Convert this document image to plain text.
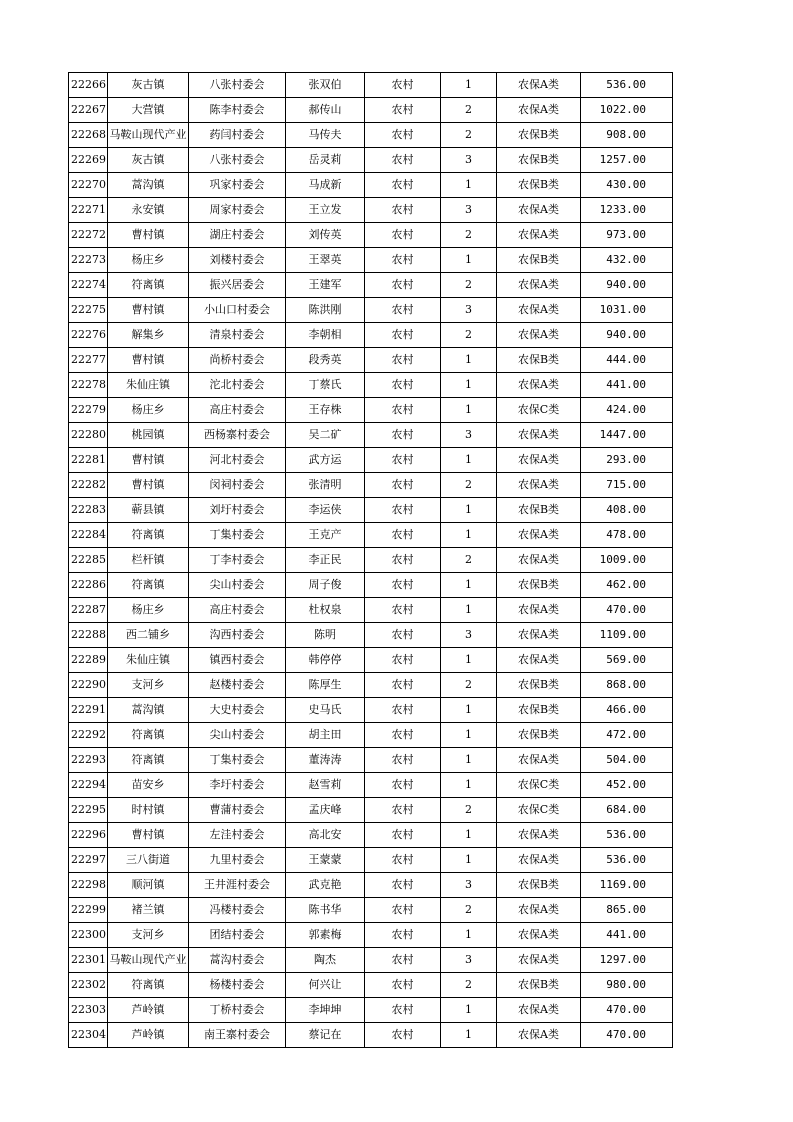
22266	灰古镇	八张村委会	张双伯	农村	1	农保A类	536.00
22267	大营镇	陈李村委会	郝传山	农村	2	农保A类	1022.00
22268	马鞍山现代产业	药闫村委会	马传夫	农村	2	农保B类	908.00
22269	灰古镇	八张村委会	岳灵莉	农村	3	农保B类	1257.00
22270	蒿沟镇	巩家村委会	马成新	农村	1	农保B类	430.00
22271	永安镇	周家村委会	王立发	农村	3	农保A类	1233.00
22272	曹村镇	湖庄村委会	刘传英	农村	2	农保A类	973.00
22273	杨庄乡	刘楼村委会	王翠英	农村	1	农保B类	432.00
22274	符离镇	振兴居委会	王建军	农村	2	农保A类	940.00
22275	曹村镇	小山口村委会	陈洪刚	农村	3	农保A类	1031.00
22276	解集乡	清泉村委会	李朝相	农村	2	农保A类	940.00
22277	曹村镇	尚桥村委会	段秀英	农村	1	农保B类	444.00
22278	朱仙庄镇	沱北村委会	丁蔡氏	农村	1	农保A类	441.00
22279	杨庄乡	高庄村委会	王存株	农村	1	农保C类	424.00
22280	桃园镇	西杨寨村委会	吴二矿	农村	3	农保A类	1447.00
22281	曹村镇	河北村委会	武方运	农村	1	农保A类	293.00
22282	曹村镇	闵祠村委会	张清明	农村	2	农保A类	715.00
22283	蕲县镇	刘圩村委会	李运侠	农村	1	农保B类	408.00
22284	符离镇	丁集村委会	王克产	农村	1	农保A类	478.00
22285	栏杆镇	丁李村委会	李正民	农村	2	农保A类	1009.00
22286	符离镇	尖山村委会	周子俊	农村	1	农保B类	462.00
22287	杨庄乡	高庄村委会	杜权泉	农村	1	农保A类	470.00
22288	西二铺乡	沟西村委会	陈明	农村	3	农保A类	1109.00
22289	朱仙庄镇	镇西村委会	韩停停	农村	1	农保A类	569.00
22290	支河乡	赵楼村委会	陈厚生	农村	2	农保B类	868.00
22291	蒿沟镇	大史村委会	史马氏	农村	1	农保B类	466.00
22292	符离镇	尖山村委会	胡主田	农村	1	农保B类	472.00
22293	符离镇	丁集村委会	董涛涛	农村	1	农保A类	504.00
22294	苗安乡	李圩村委会	赵雪莉	农村	1	农保C类	452.00
22295	时村镇	曹蒲村委会	孟庆峰	农村	2	农保C类	684.00
22296	曹村镇	左洼村委会	高北安	农村	1	农保A类	536.00
22297	三八街道	九里村委会	王蒙蒙	农村	1	农保A类	536.00
22298	顺河镇	王井涯村委会	武克艳	农村	3	农保B类	1169.00
22299	褚兰镇	冯楼村委会	陈书华	农村	2	农保A类	865.00
22300	支河乡	团结村委会	郭素梅	农村	1	农保A类	441.00
22301	马鞍山现代产业	蒿沟村委会	陶杰	农村	3	农保A类	1297.00
22302	符离镇	杨楼村委会	何兴让	农村	2	农保B类	980.00
22303	芦岭镇	丁桥村委会	李坤坤	农村	1	农保A类	470.00
22304	芦岭镇	南王寨村委会	蔡记在	农村	1	农保A类	470.00
